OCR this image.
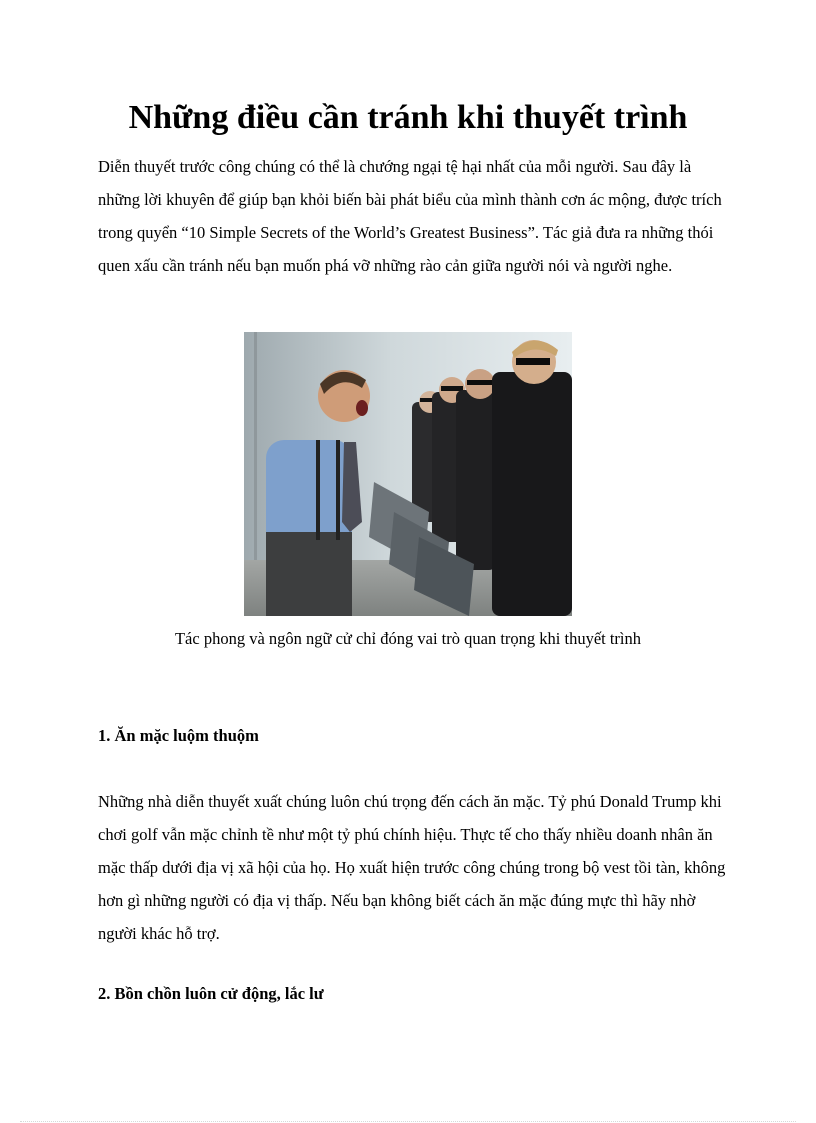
Những điều cần tránh khi thuyết trình
Diễn thuyết trước công chúng có thể là chướng ngại tệ hại nhất của mỗi người. Sau đây là những lời khuyên để giúp bạn khỏi biến bài phát biểu của mình thành cơn ác mộng, được trích trong quyển “10 Simple Secrets of the World’s Greatest Business”. Tác giả đưa ra những thói quen xấu cần tránh nếu bạn muốn phá vỡ những rào cản giữa người nói và người nghe.
Tác phong và ngôn ngữ cử chỉ đóng vai trò quan trọng khi thuyết trình
1. Ăn mặc luộm thuộm
Những nhà diễn thuyết xuất chúng luôn chú trọng đến cách ăn mặc. Tỷ phú Donald Trump khi chơi golf vẫn mặc chỉnh tề như một tỷ phú chính hiệu. Thực tế cho thấy nhiều doanh nhân ăn mặc thấp dưới địa vị xã hội của họ. Họ xuất hiện trước công chúng trong bộ vest tồi tàn, không hơn gì những người có địa vị thấp. Nếu bạn không biết cách ăn mặc đúng mực thì hãy nhờ người khác hỗ trợ.
2. Bồn chồn luôn cử động, lắc lư
